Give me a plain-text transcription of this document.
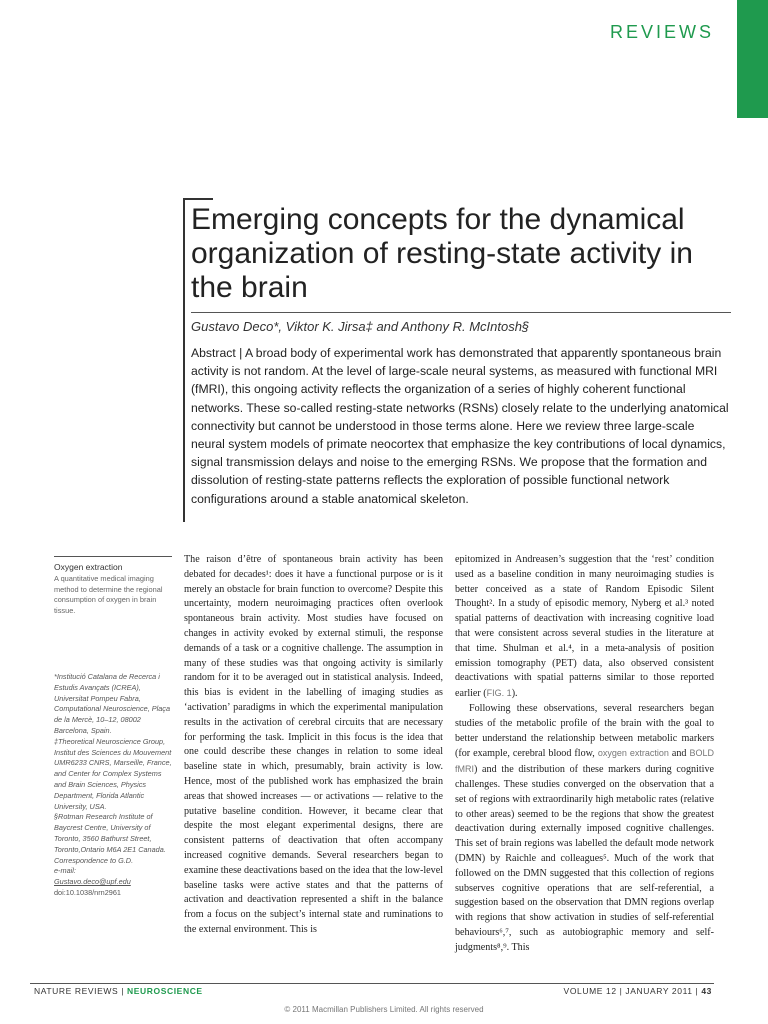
REVIEWS
Emerging concepts for the dynamical organization of resting-state activity in the brain
Gustavo Deco*, Viktor K. Jirsa‡ and Anthony R. McIntosh§

Abstract | A broad body of experimental work has demonstrated that apparently spontaneous brain activity is not random. At the level of large-scale neural systems, as measured with functional MRI (fMRI), this ongoing activity reflects the organization of a series of highly coherent functional networks. These so-called resting-state networks (RSNs) closely relate to the underlying anatomical connectivity but cannot be understood in those terms alone. Here we review three large-scale neural system models of primate neocortex that emphasize the key contributions of local dynamics, signal transmission delays and noise to the emerging RSNs. We propose that the formation and dissolution of resting-state patterns reflects the exploration of possible functional network configurations around a stable anatomical skeleton.

Oxygen extraction
A quantitative medical imaging method to determine the regional consumption of oxygen in brain tissue.

*Institució Catalana de Recerca i Estudis Avançats (ICREA), Universitat Pompeu Fabra, Computational Neuroscience, Plaça de la Mercè, 10–12, 08002 Barcelona, Spain.

‡Theoretical Neuroscience Group, Institut des Sciences du Mouvement UMR6233 CNRS, Marseille, France, and Center for Complex Systems and Brain Sciences, Physics Department, Florida Atlantic University, USA.

§Rotman Research Institute of Baycrest Centre, University of Toronto, 3560 Bathurst Street, Toronto,Ontario M6A 2E1 Canada.

Correspondence to G.D.

e-mail:

Gustavo.deco@upf.edu

doi:10.1038/nrn2961

The raison d’être of spontaneous brain activity has been debated for decades¹: does it have a functional purpose or is it merely an obstacle for brain function to overcome? Despite this uncertainty, modern neuroimaging practices often overlook spontaneous brain activity. Most studies have focused on changes in activity evoked by external stimuli, the response demands of a task or a cognitive challenge. The assumption in many of these studies was that ongoing activity is similarly random for it to be averaged out in statistical analysis. Indeed, this bias is evident in the labelling of imaging studies as ‘activation’ paradigms in which the experimental manipulation results in the activation of cerebral circuits that are necessary for performing the task. Implicit in this focus is the idea that one could describe these changes in relation to some ideal baseline state in which, presumably, brain activity is low. Hence, most of the published work has emphasized the brain areas that showed increases — or activations — relative to the putative baseline condition. However, it became clear that despite the most elegant experimental designs, there are consistent patterns of deactivation that often accompany increased cognitive demands. Several researchers began to examine these deactivations based on the idea that the low-level baseline tasks were active states and that the patterns of activation and deactivation represented a shift in the balance from a focus on the subject’s internal state and ruminations to the external environment. This is

epitomized in Andreasen’s suggestion that the ‘rest’ condition used as a baseline condition in many neuroimaging studies is better conceived as a state of Random Episodic Silent Thought². In a study of episodic memory, Nyberg et al.³ noted spatial patterns of deactivation with increasing cognitive load that were consistent across several studies in the literature at that time. Shulman et al.⁴, in a meta-analysis of position emission tomography (PET) data, also observed consistent deactivations with spatial patterns similar to those reported earlier (FIG. 1).

Following these observations, several researchers began studies of the metabolic profile of the brain with the goal to better understand the relationship between metabolic markers (for example, cerebral blood flow, oxygen extraction and BOLD fMRI) and the distribution of these markers during cognitive challenges. These studies converged on the observation that a set of regions with extraordinarily high metabolic rates (relative to other areas) seemed to be the regions that show the greatest deactivation during externally imposed cognitive challenges. This set of brain regions was labelled the default mode network (DMN) by Raichle and colleagues⁵. Much of the work that followed on the DMN suggested that this collection of regions subserves cognitive operations that are self-referential, a suggestion based on the observation that DMN regions overlap with regions that show activation in studies of self-referential behaviours⁶,⁷, such as autobiographic memory and self-judgments⁸,⁹. This

NATURE REVIEWS | NEUROSCIENCE	VOLUME 12 | JANUARY 2011 | 43
© 2011 Macmillan Publishers Limited. All rights reserved
